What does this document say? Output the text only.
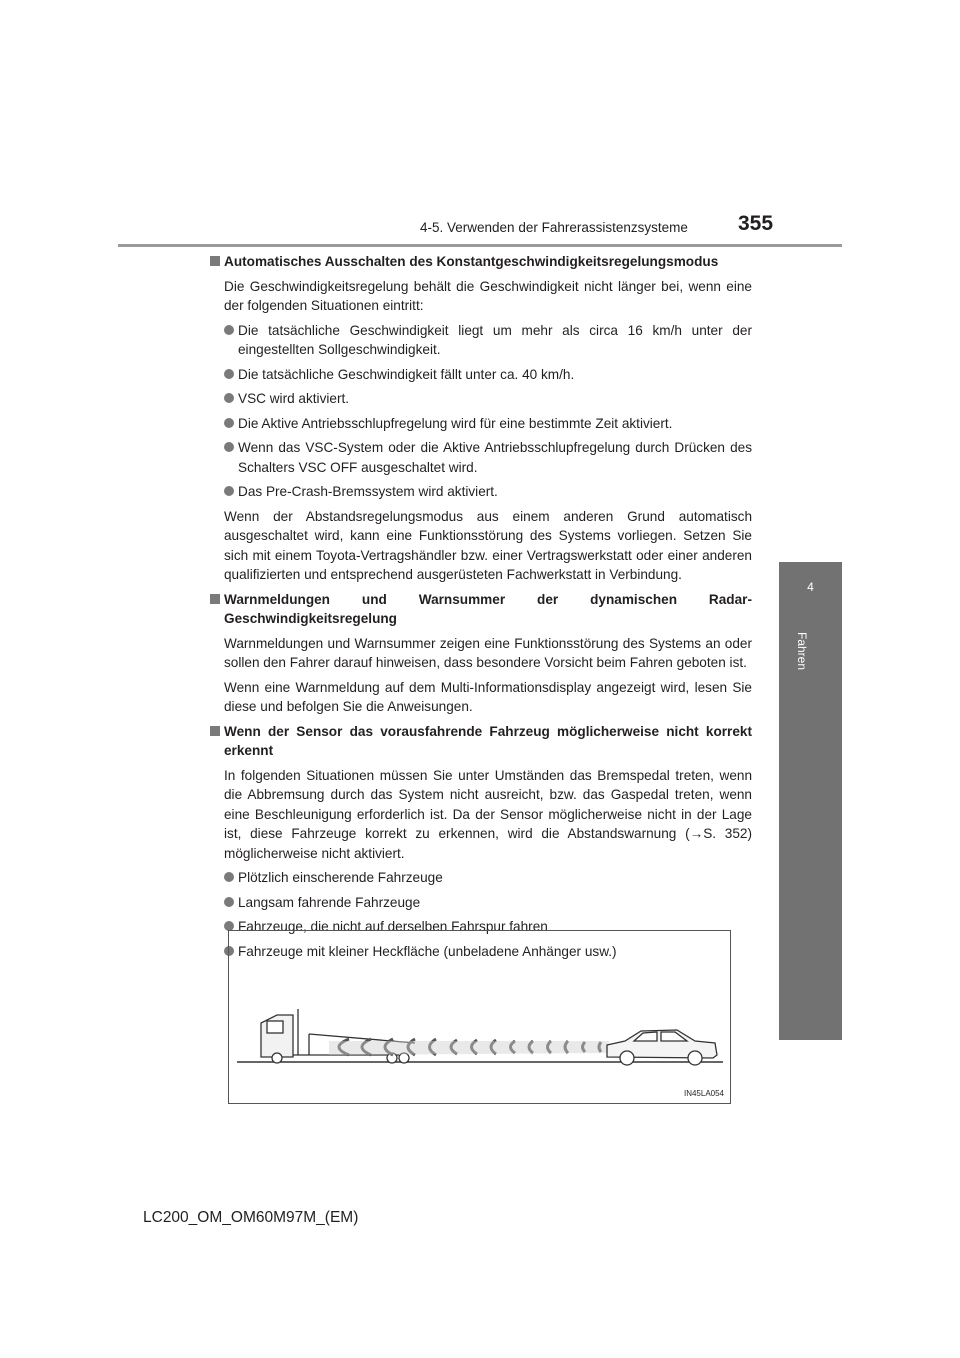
4-5. Verwenden der Fahrerassistenzsysteme 355
4
Fahren
Automatisches Ausschalten des Konstantgeschwindigkeitsregelungsmodus
Die Geschwindigkeitsregelung behält die Geschwindigkeit nicht länger bei, wenn eine der folgenden Situationen eintritt:
Die tatsächliche Geschwindigkeit liegt um mehr als circa 16 km/h unter der eingestellten Sollgeschwindigkeit.
Die tatsächliche Geschwindigkeit fällt unter ca. 40 km/h.
VSC wird aktiviert.
Die Aktive Antriebsschlupfregelung wird für eine bestimmte Zeit aktiviert.
Wenn das VSC-System oder die Aktive Antriebsschlupfregelung durch Drücken des Schalters VSC OFF ausgeschaltet wird.
Das Pre-Crash-Bremssystem wird aktiviert.
Wenn der Abstandsregelungsmodus aus einem anderen Grund automatisch ausgeschaltet wird, kann eine Funktionsstörung des Systems vorliegen. Setzen Sie sich mit einem Toyota-Vertragshändler bzw. einer Vertragswerkstatt oder einer anderen qualifizierten und entsprechend ausgerüsteten Fachwerkstatt in Verbindung.
Warnmeldungen und Warnsummer der dynamischen Radar-Geschwindigkeitsregelung
Warnmeldungen und Warnsummer zeigen eine Funktionsstörung des Systems an oder sollen den Fahrer darauf hinweisen, dass besondere Vorsicht beim Fahren geboten ist.
Wenn eine Warnmeldung auf dem Multi-Informationsdisplay angezeigt wird, lesen Sie diese und befolgen Sie die Anweisungen.
Wenn der Sensor das vorausfahrende Fahrzeug möglicherweise nicht korrekt erkennt
In folgenden Situationen müssen Sie unter Umständen das Bremspedal treten, wenn die Abbremsung durch das System nicht ausreicht, bzw. das Gaspedal treten, wenn eine Beschleunigung erforderlich ist. Da der Sensor möglicherweise nicht in der Lage ist, diese Fahrzeuge korrekt zu erkennen, wird die Abstandswarnung (→S. 352) möglicherweise nicht aktiviert.
Plötzlich einscherende Fahrzeuge
Langsam fahrende Fahrzeuge
Fahrzeuge, die nicht auf derselben Fahrspur fahren
Fahrzeuge mit kleiner Heckfläche (unbeladene Anhänger usw.)
IN45LA054
LC200_OM_OM60M97M_(EM)
